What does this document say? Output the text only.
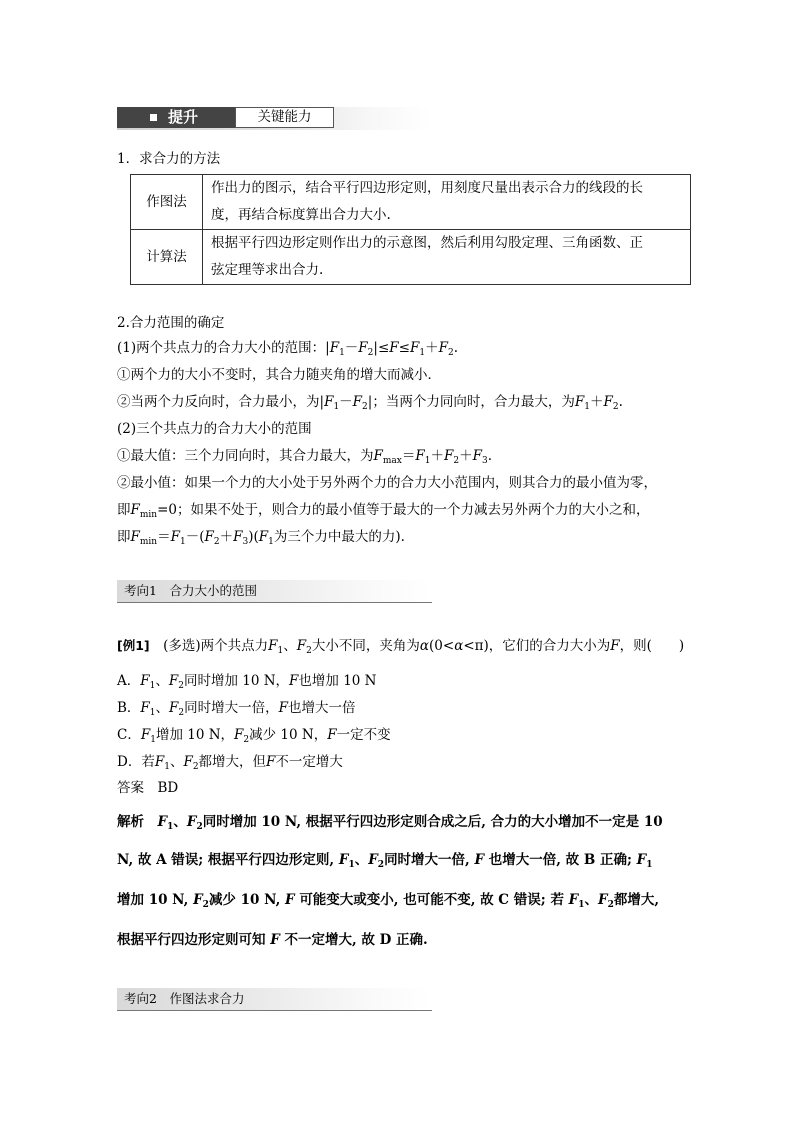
提升	关键能力
1．求合力的方法
作图法	作出力的图示，结合平行四边形定则，用刻度尺量出表示合力的线段的长
度，再结合标度算出合力大小.

计算法	根据平行四边形定则作出力的示意图，然后利用勾股定理、三角函数、正
弦定理等求出合力.
2.合力范围的确定
(1)两个共点力的合力大小的范围：$|F_1-F_2|\le F\le F_1+F_2$.
①两个力的大小不变时，其合力随夹角的增大而减小．
②当两个力反向时，合力最小，为$|F_1-F_2|$；当两个力同向时，合力最大，为$F_1+F_2$.
(2)三个共点力的合力大小的范围
①最大值：三个力同向时，其合力最大，为$F_{max}=F_1+F_2+F_3$.
②最小值：如果一个力的大小处于另外两个力的合力大小范围内，则其合力的最小值为零，
即$F_{min}=0$；如果不处于，则合力的最小值等于最大的一个力减去另外两个力的大小之和，
即$F_{min}=F_1-(F_2+F_3)(F_1$为三个力中最大的力).
考向1　合力大小的范围
[例1]　 (多选)两个共点力$F_1$、$F_2$大小不同，夹角为α(0<α<π)，它们的合力大小为F，则(　　)
A．$F_1$、$F_2$同时增加 10 N，F也增加 10 N
B．$F_1$、$F_2$同时增大一倍，F也增大一倍
C．$F_1$增加 10 N，$F_2$减少 10 N，F一定不变
D．若$F_1$、$F_2$都增大，但F不一定增大
答案　 BD
解析　 $F_1$、$F_2$同时增加 10 N, 根据平行四边形定则合成之后, 合力的大小增加不一定是 10
N, 故 A 错误; 根据平行四边形定则, $F_1$、$F_2$同时增大一倍, F 也增大一倍, 故 B 正确; $F_1$
增加 10 N, $F_2$减少 10 N, F 可能变大或变小, 也可能不变, 故 C 错误; 若 $F_1$、$F_2$都增大,
根据平行四边形定则可知 F 不一定增大, 故 D 正确.
考向2　作图法求合力
